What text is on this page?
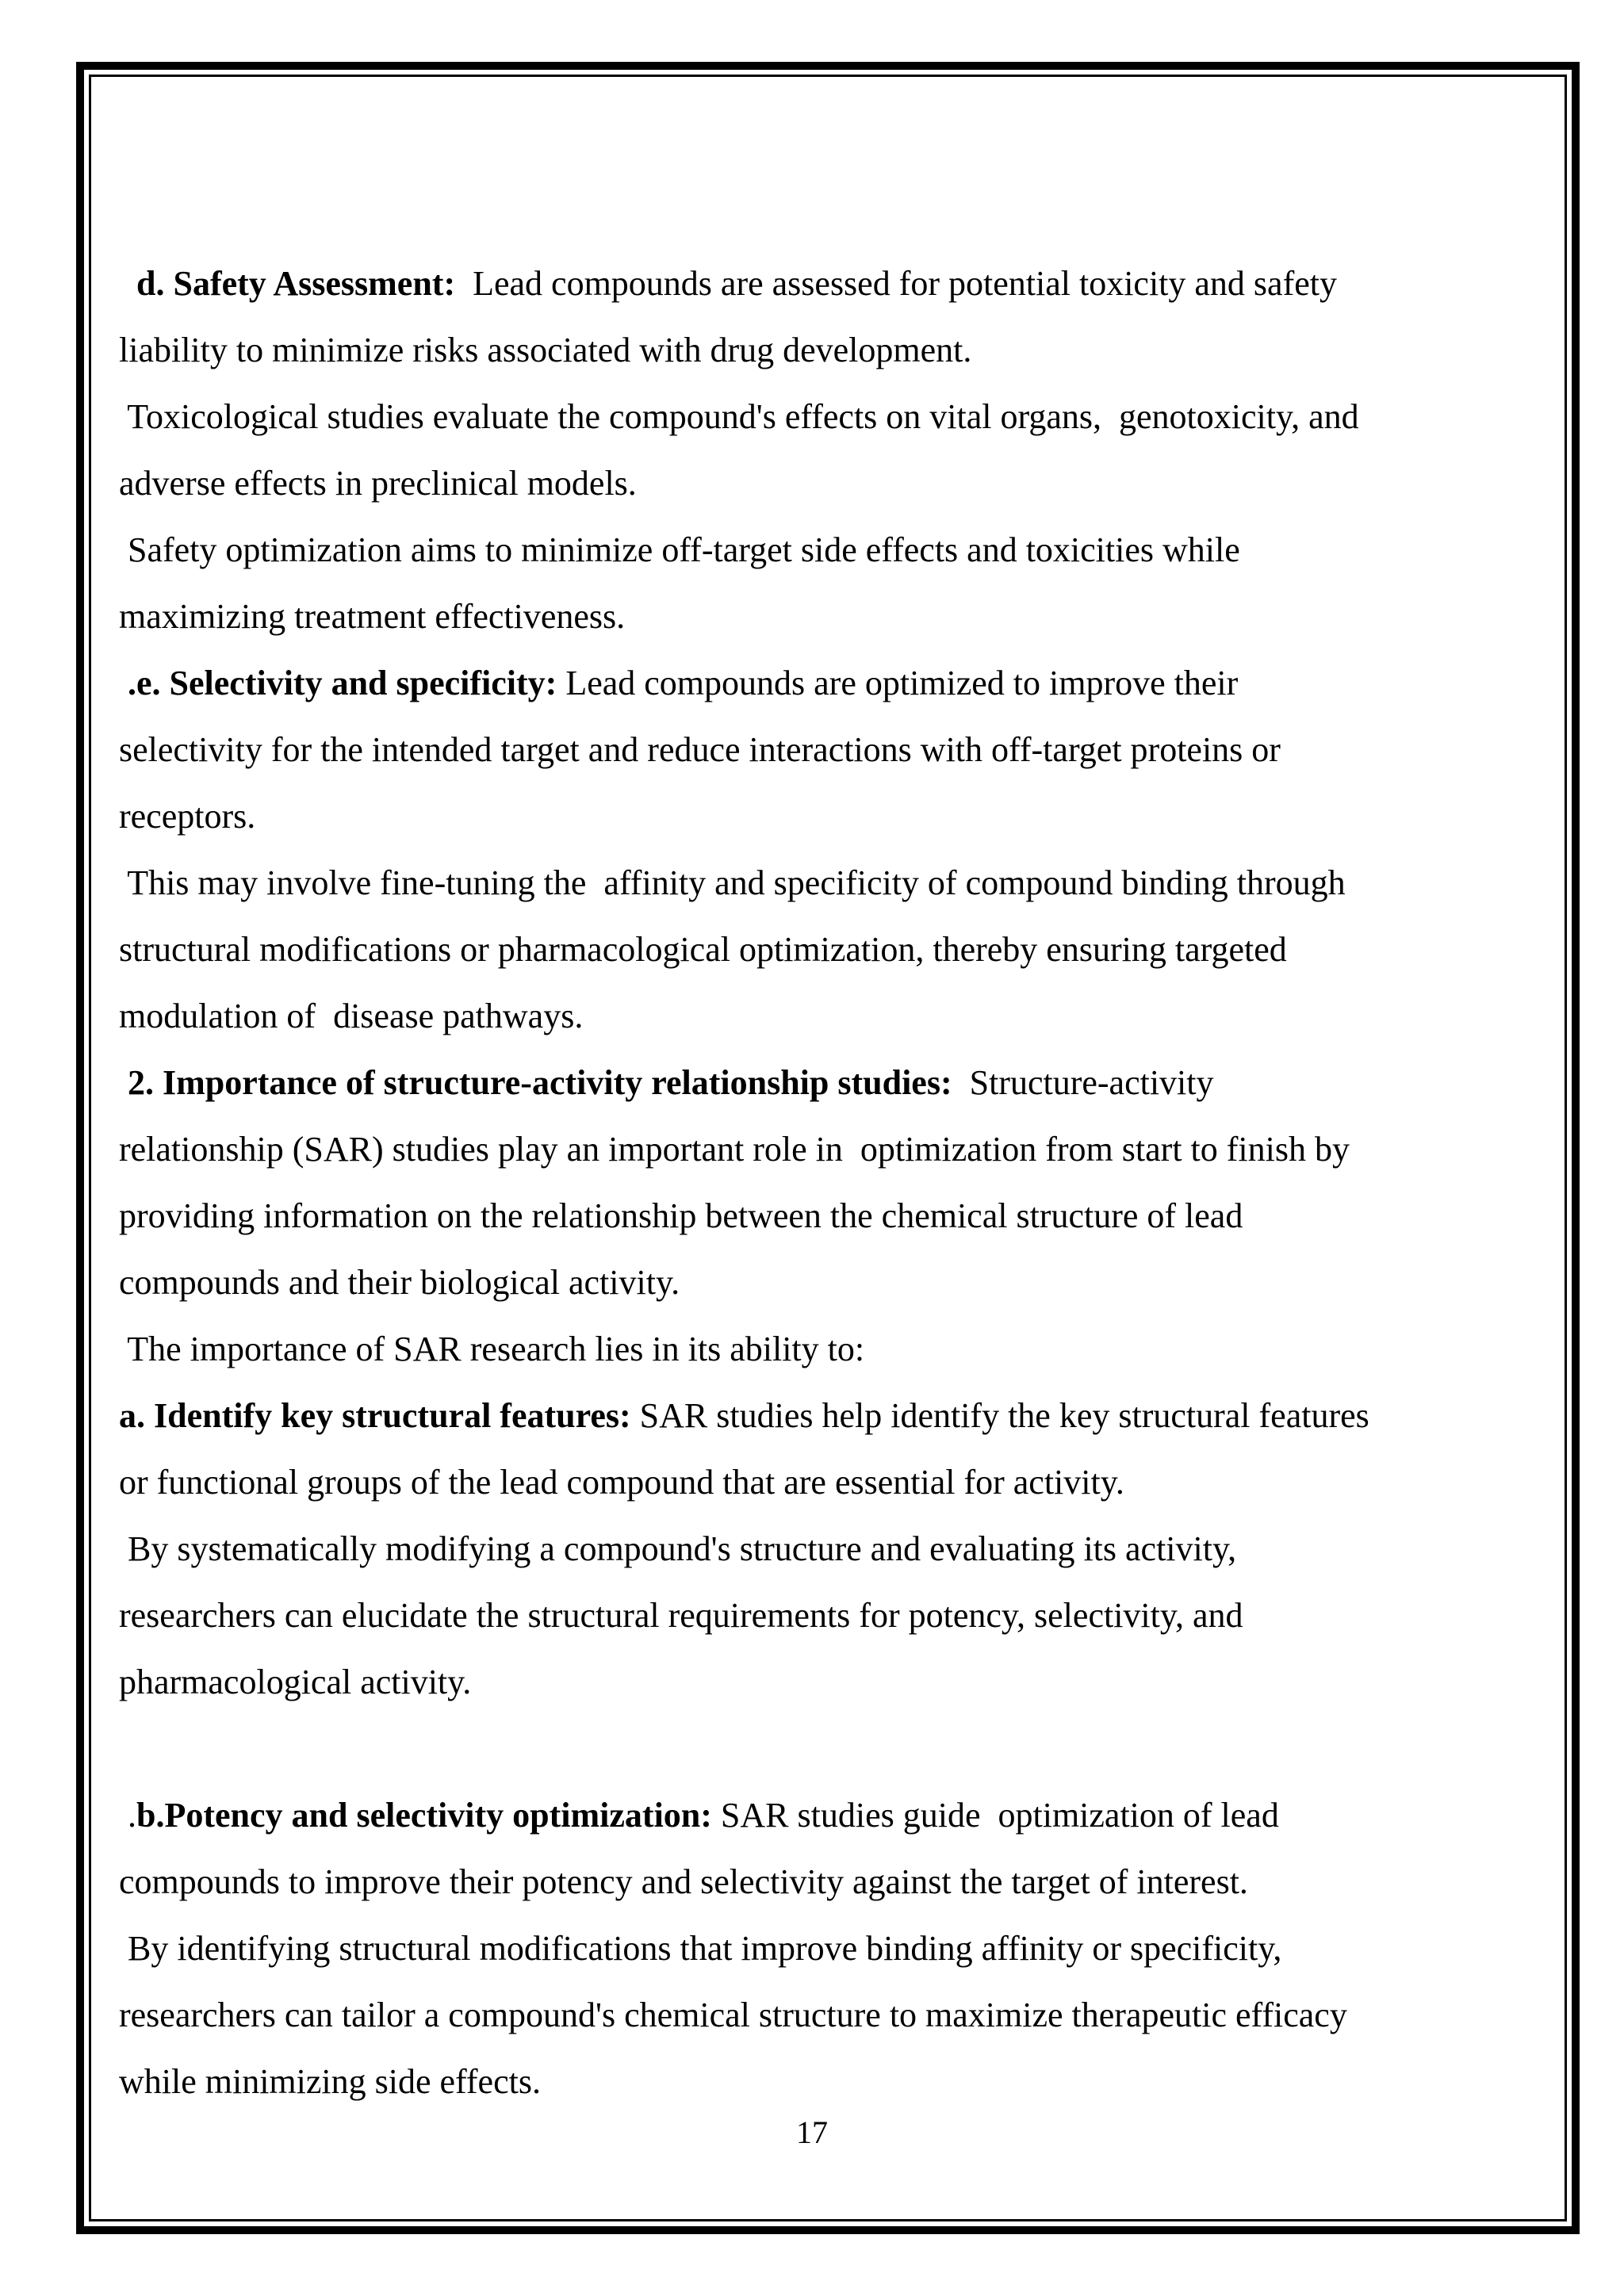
d. Safety Assessment:  Lead compounds are assessed for potential toxicity and safety

liability to minimize risks associated with drug development.

Toxicological studies evaluate the compound's effects on vital organs,  genotoxicity, and

adverse effects in preclinical models.

Safety optimization aims to minimize off-target side effects and toxicities while

maximizing treatment effectiveness.

.e. Selectivity and specificity: Lead compounds are optimized to improve their

selectivity for the intended target and reduce interactions with off-target proteins or

receptors.

This may involve fine-tuning the  affinity and specificity of compound binding through

structural modifications or pharmacological optimization, thereby ensuring targeted

modulation of  disease pathways.

2. Importance of structure-activity relationship studies:  Structure-activity

relationship (SAR) studies play an important role in  optimization from start to finish by

providing information on the relationship between the chemical structure of lead

compounds and their biological activity.

The importance of SAR research lies in its ability to:

a. Identify key structural features: SAR studies help identify the key structural features

or functional groups of the lead compound that are essential for activity.

By systematically modifying a compound's structure and evaluating its activity,

researchers can elucidate the structural requirements for potency, selectivity, and

pharmacological activity.

.b.Potency and selectivity optimization: SAR studies guide  optimization of lead

compounds to improve their potency and selectivity against the target of interest.

By identifying structural modifications that improve binding affinity or specificity,

researchers can tailor a compound's chemical structure to maximize therapeutic efficacy

while minimizing side effects.

17
